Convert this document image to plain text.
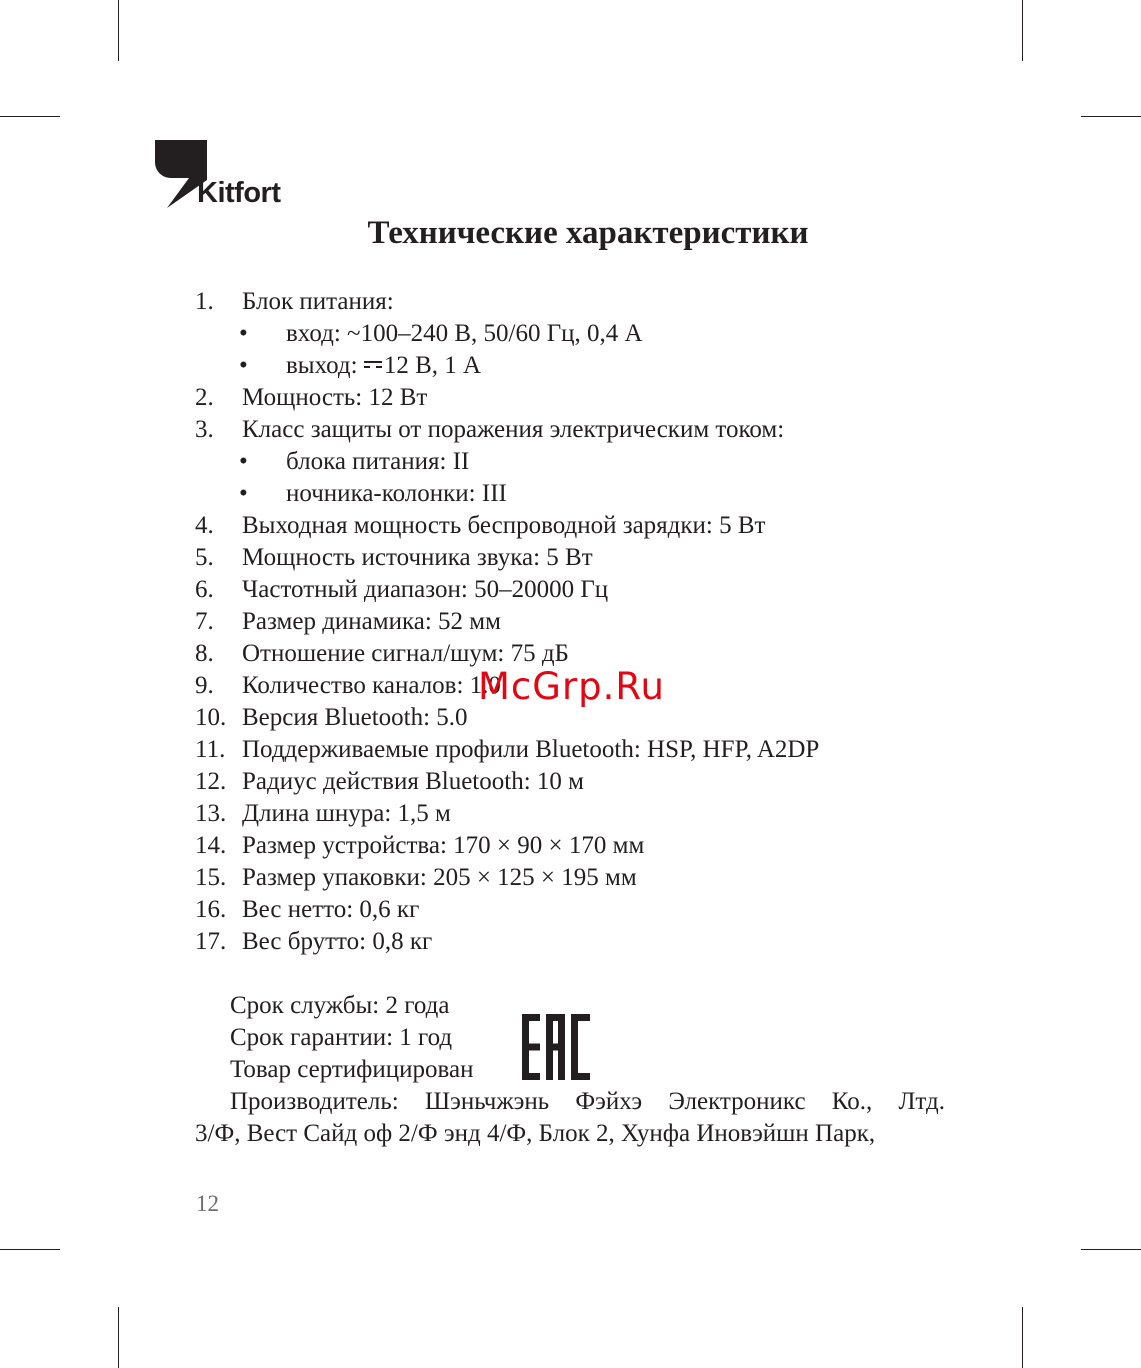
Kitfort
Технические характеристики
1. Блок питания:
• вход: ~100–240 В, 50/60 Гц, 0,4 А
• выход:
12 В, 1 А
2. Мощность: 12 Вт
3. Класс защиты от поражения электрическим током:
• блока питания: II
• ночника-колонки: III
4. Выходная мощность беспроводной зарядки: 5 Вт
5. Мощность источника звука: 5 Вт
6. Частотный диапазон: 50–20000 Гц
7. Размер динамика: 52 мм
8. Отношение сигнал/шум: 75 дБ
9. Количество каналов: 1.0
10. Версия Bluetooth: 5.0
11. Поддерживаемые профили Bluetooth: HSP, HFP, A2DP
12. Радиус действия Bluetooth: 10 м
13. Длина шнура: 1,5 м
14. Размер устройства: 170 × 90 × 170 мм
15. Размер упаковки: 205 × 125 × 195 мм
16. Вес нетто: 0,6 кг
17. Вес брутто: 0,8 кг
Срок службы: 2 года
Срок гарантии: 1 год
Товар сертифицирован
Производитель: Шэньчжэнь Фэйхэ Электроникс Ко., Лтд.
3/Ф, Вест Сайд оф 2/Ф энд 4/Ф, Блок 2, Хунфа Иновэйшн Парк,
12
McGrp.Ru
